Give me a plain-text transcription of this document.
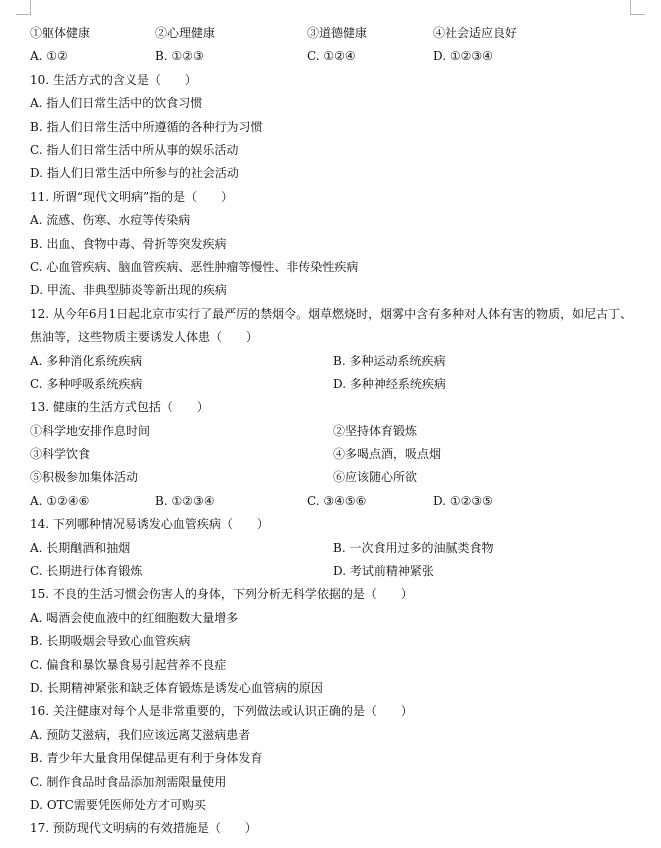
①躯体健康	②心理健康	③道德健康	④社会适应良好
A. ①②	B. ①②③	C. ①②④	D. ①②③④
10. 生活方式的含义是（　　）
A. 指人们日常生活中的饮食习惯
B. 指人们日常生活中所遵循的各种行为习惯
C. 指人们日常生活中所从事的娱乐活动
D. 指人们日常生活中所参与的社会活动
11. 所谓“现代文明病”指的是（　　）
A. 流感、伤寒、水痘等传染病
B. 出血、食物中毒、骨折等突发疾病
C. 心血管疾病、脑血管疾病、恶性肿瘤等慢性、非传染性疾病
D. 甲流、非典型肺炎等新出现的疾病
12. 从今年6月1日起北京市实行了最严厉的禁烟令。烟草燃烧时，烟雾中含有多种对人体有害的物质，如尼古丁、焦油等，这些物质主要诱发人体患（　　）
A. 多种消化系统疾病	B. 多种运动系统疾病
C. 多种呼吸系统疾病	D. 多种神经系统疾病
13. 健康的生活方式包括（　　）
①科学地安排作息时间	②坚持体育锻炼
③科学饮食	④多喝点酒，吸点烟
⑤积极参加集体活动	⑥应该随心所欲
A. ①②④⑥	B. ①②③④	C. ③④⑤⑥	D. ①②③⑤
14. 下列哪种情况易诱发心血管疾病（　　）
A. 长期酗酒和抽烟	B. 一次食用过多的油腻类食物
C. 长期进行体育锻炼	D. 考试前精神紧张
15. 不良的生活习惯会伤害人的身体，下列分析无科学依据的是（　　）
A. 喝酒会使血液中的红细胞数大量增多
B. 长期吸烟会导致心血管疾病
C. 偏食和暴饮暴食易引起营养不良症
D. 长期精神紧张和缺乏体育锻炼是诱发心血管病的原因
16. 关注健康对每个人是非常重要的，下列做法或认识正确的是（　　）
A. 预防艾滋病，我们应该远离艾滋病患者
B. 青少年大量食用保健品更有利于身体发育
C. 制作食品时食品添加剂需限量使用
D. OTC需要凭医师处方才可购买
17. 预防现代文明病的有效措施是（　　）
